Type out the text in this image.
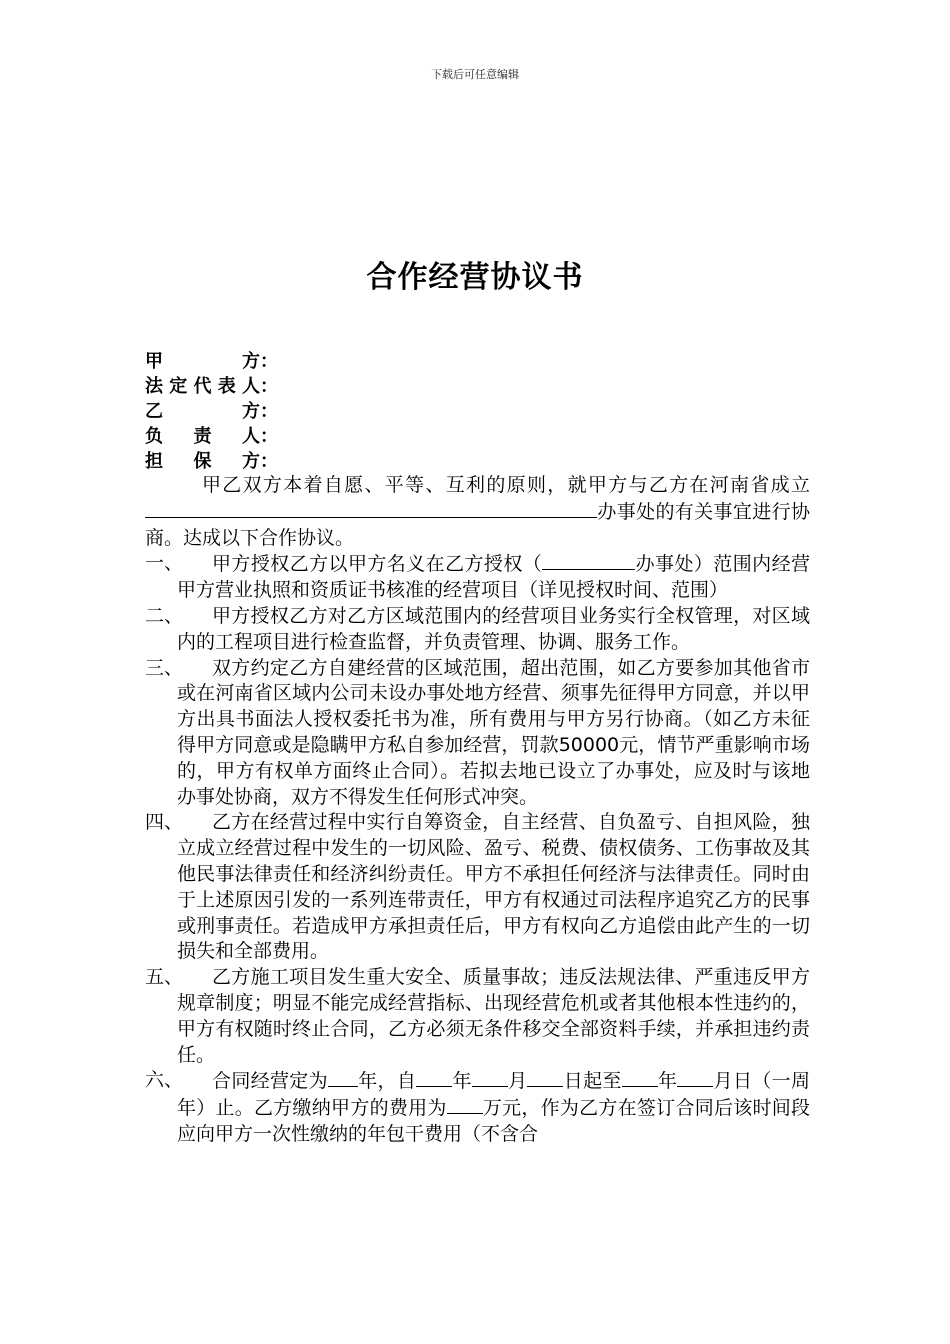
下载后可任意编辑
合作经营协议书
甲	方 ：
法 定 代 表 人 ：
乙	方 ：
负 责 人 ：
担 保 方 ：

甲乙双方本着自愿、平等、互利的原则，就甲方与乙方在河南省成立办事处的有关事宜进行协商。达成以下合作协议。

一、	甲方授权乙方以甲方名义在乙方授权（	办事处）范围内经营甲方营业执照和资质证书核准的经营项目（详见授权时间、范围）

二、	甲方授权乙方对乙方区域范围内的经营项目业务实行全权管理，对区域内的工程项目进行检查监督，并负责管理、协调、服务工作。

三、	双方约定乙方自建经营的区域范围，超出范围，如乙方要参加其他省市或在河南省区域内公司未设办事处地方经营、须事先征得甲方同意，并以甲方出具书面法人授权委托书为准，所有费用与甲方另行协商。（如乙方未征得甲方同意或是隐瞒甲方私自参加经营，罚款50000元，情节严重影响市场的，甲方有权单方面终止合同）。若拟去地已设立了办事处，应及时与该地办事处协商，双方不得发生任何形式冲突。

四、	乙方在经营过程中实行自筹资金，自主经营、自负盈亏、自担风险，独立成立经营过程中发生的一切风险、盈亏、税费、债权债务、工伤事故及其他民事法律责任和经济纠纷责任。甲方不承担任何经济与法律责任。同时由于上述原因引发的一系列连带责任，甲方有权通过司法程序追究乙方的民事或刑事责任。若造成甲方承担责任后，甲方有权向乙方追偿由此产生的一切损失和全部费用。

五、	乙方施工项目发生重大安全、质量事故；违反法规法律、严重违反甲方规章制度；明显不能完成经营指标、出现经营危机或者其他根本性违约的，甲方有权随时终止合同，乙方必须无条件移交全部资料手续，并承担违约责任。

六、	合同经营定为 年，自 年 月 日起至 年 月日（一周年）止。乙方缴纳甲方的费用为 万元，作为乙方在签订合同后该时间段应向甲方一次性缴纳的年包干费用（不含合
